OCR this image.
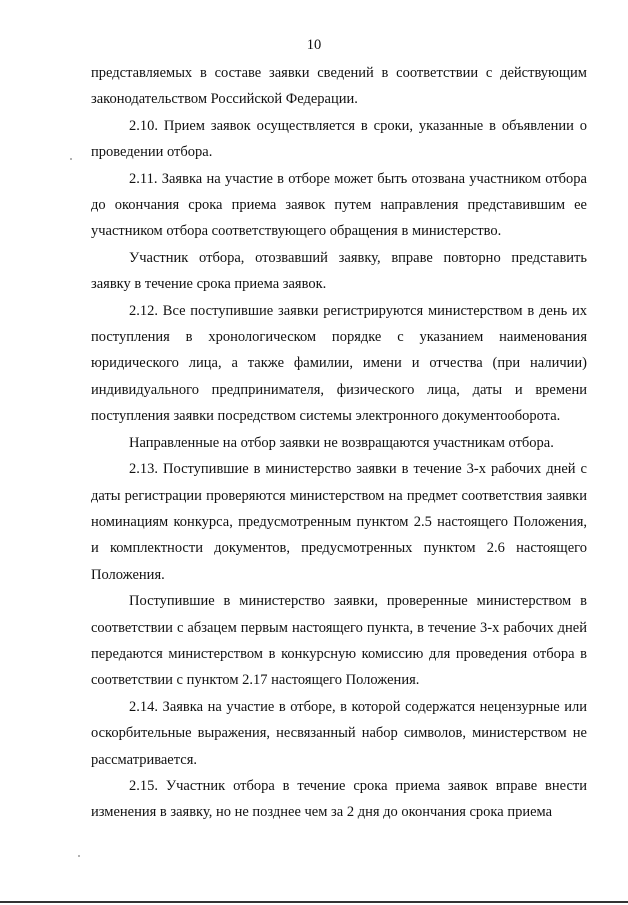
10

представляемых в составе заявки сведений в соответствии с действующим законодательством Российской Федерации.

2.10. Прием заявок осуществляется в сроки, указанные в объявлении о проведении отбора.

2.11. Заявка на участие в отборе может быть отозвана участником отбора до окончания срока приема заявок путем направления представившим ее участником отбора соответствующего обращения в министерство.

Участник отбора, отозвавший заявку, вправе повторно представить заявку в течение срока приема заявок.

2.12. Все поступившие заявки регистрируются министерством в день их поступления в хронологическом порядке с указанием наименования юридического лица, а также фамилии, имени и отчества (при наличии) индивидуального предпринимателя, физического лица, даты и времени поступления заявки посредством системы электронного документооборота.

Направленные на отбор заявки не возвращаются участникам отбора.

2.13. Поступившие в министерство заявки в течение 3-х рабочих дней с даты регистрации проверяются министерством на предмет соответствия заявки номинациям конкурса, предусмотренным пунктом 2.5 настоящего Положения, и комплектности документов, предусмотренных пунктом 2.6 настоящего Положения.

Поступившие в министерство заявки, проверенные министерством в соответствии с абзацем первым настоящего пункта, в течение 3-х рабочих дней передаются министерством в конкурсную комиссию для проведения отбора в соответствии с пунктом 2.17 настоящего Положения.

2.14. Заявка на участие в отборе, в которой содержатся нецензурные или оскорбительные выражения, несвязанный набор символов, министерством не рассматривается.

2.15. Участник отбора в течение срока приема заявок вправе внести изменения в заявку, но не позднее чем за 2 дня до окончания срока приема
